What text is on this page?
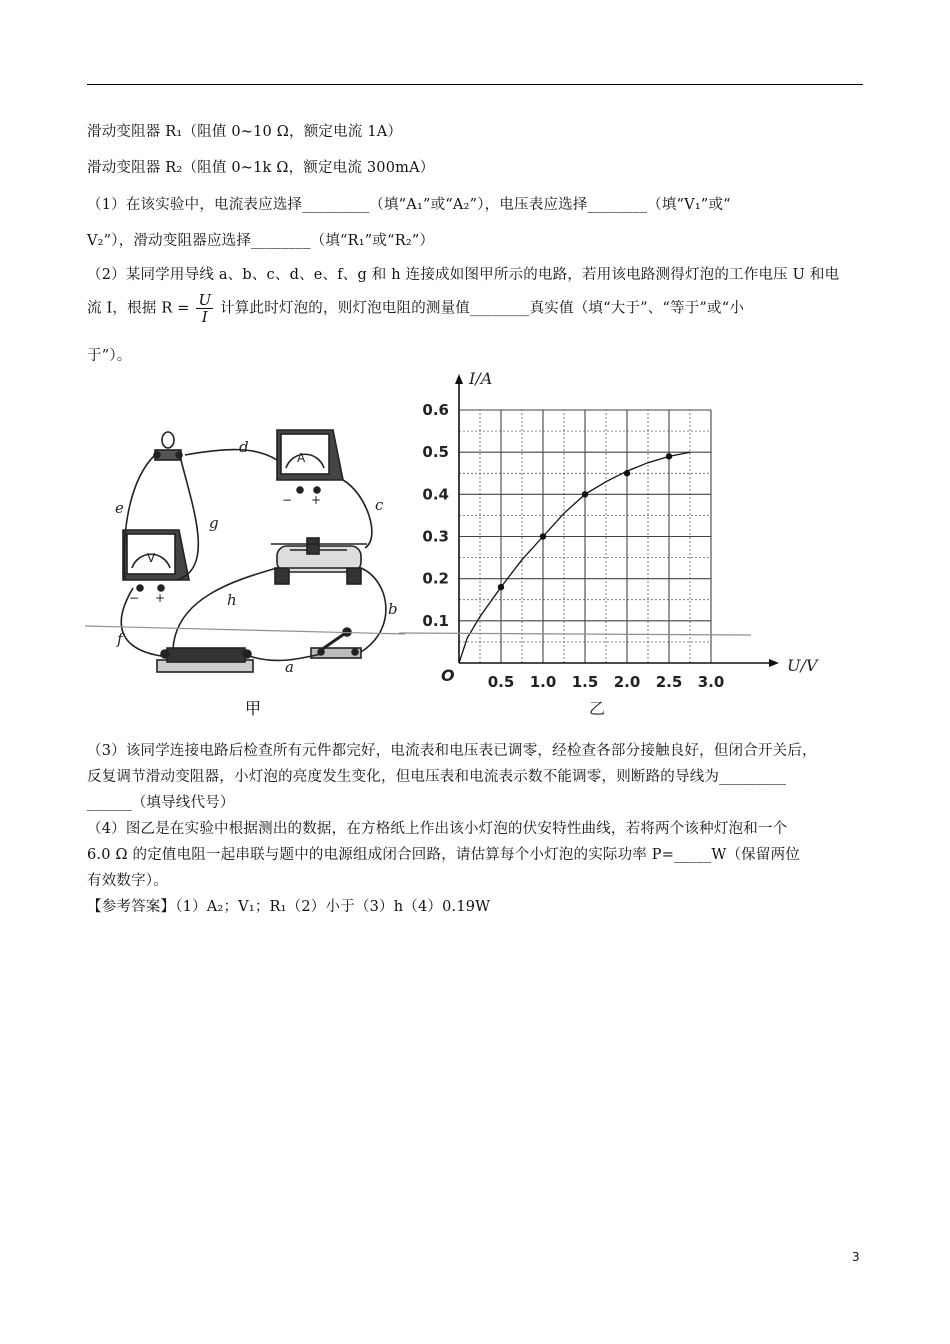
滑动变阻器 R₁（阻值 0~10 Ω，额定电流 1A）
滑动变阻器 R₂（阻值 0~1k Ω，额定电流 300mA）
（1）在该实验中，电流表应选择_________（填“A₁”或“A₂”），电压表应选择________（填“V₁”或“
V₂”），滑动变阻器应选择________（填“R₁”或“R₂”）
（2）某同学用导线 a、b、c、d、e、f、g 和 h 连接成如图甲所示的电路，若用该电路测得灯泡的工作电压 U 和电
流 I，根据 $R = \frac{U}{I}$ 计算此时灯泡的，则灯泡电阻的测量值________真实值（填“大于”、“等于”或“小
于”）。
d
c
e
g
h	b
f
a
A
V
− +
− +
甲
0.5 1.0 1.5 2.0 2.5 3.0
0.1
0.2
0.3
0.4
0.5
0.6
O
U/V
I/A
乙
（3）该同学连接电路后检查所有元件都完好，电流表和电压表已调零，经检查各部分接触良好，但闭合开关后，
反复调节滑动变阻器，小灯泡的亮度发生变化，但电压表和电流表示数不能调零，则断路的导线为_________
______（填导线代号）
（4）图乙是在实验中根据测出的数据，在方格纸上作出该小灯泡的伏安特性曲线，若将两个该种灯泡和一个
6.0 Ω 的定值电阻一起串联与题中的电源组成闭合回路，请估算每个小灯泡的实际功率 P=_____W（保留两位
有效数字）。
【参考答案】（1）A₂；V₁；R₁（2）小于（3）h（4）0.19W
3
